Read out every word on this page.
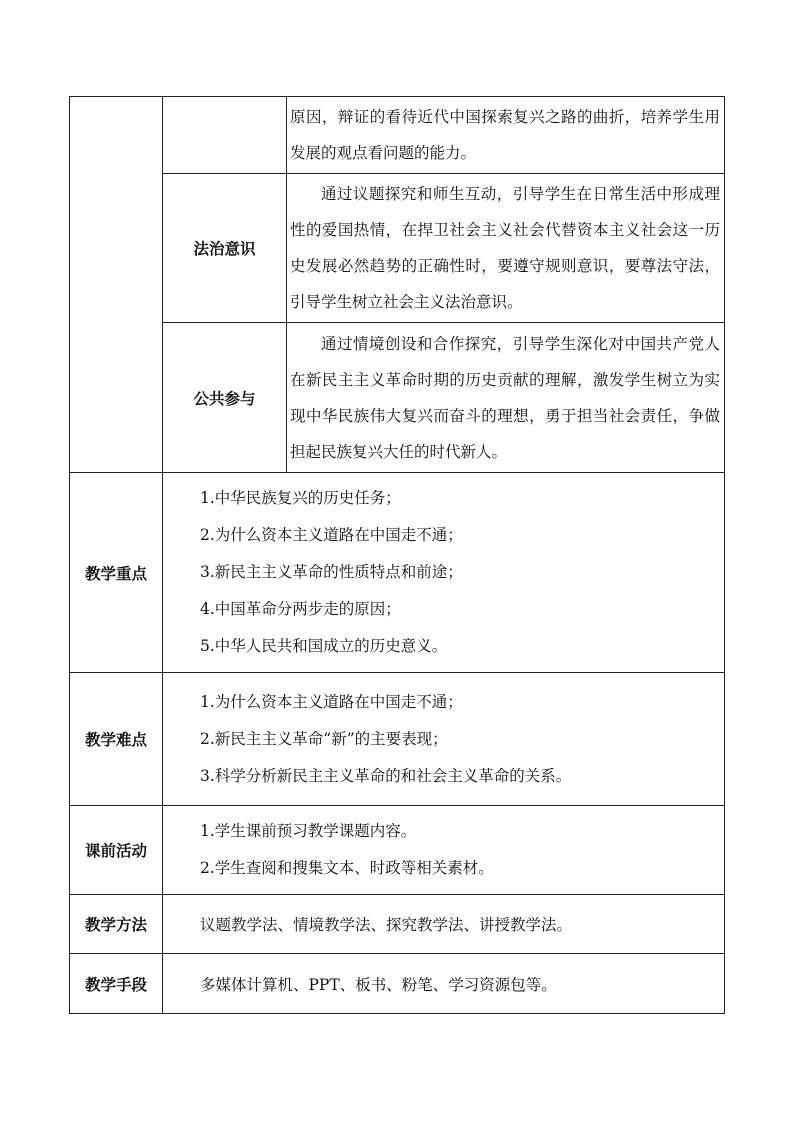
		原因，辩证的看待近代中国探索复兴之路的曲折，培养学生用发展的观点看问题的能力。
	法治意识	通过议题探究和师生互动，引导学生在日常生活中形成理性的爱国热情，在捍卫社会主义社会代替资本主义社会这一历史发展必然趋势的正确性时，要遵守规则意识，要尊法守法，引导学生树立社会主义法治意识。
	公共参与	通过情境创设和合作探究，引导学生深化对中国共产党人在新民主主义革命时期的历史贡献的理解，激发学生树立为实现中华民族伟大复兴而奋斗的理想，勇于担当社会责任，争做担起民族复兴大任的时代新人。
教学重点	1.中华民族复兴的历史任务；
2.为什么资本主义道路在中国走不通；
3.新民主主义革命的性质特点和前途；
4.中国革命分两步走的原因；
5.中华人民共和国成立的历史意义。	

教学难点	1.为什么资本主义道路在中国走不通；
2.新民主主义革命“新”的主要表现；
3.科学分析新民主主义革命的和社会主义革命的关系。	

课前活动	1.学生课前预习教学课题内容。
2.学生查阅和搜集文本、时政等相关素材。	

教学方法	议题教学法、情境教学法、探究教学法、讲授教学法。	
教学手段	多媒体计算机、PPT、板书、粉笔、学习资源包等。	
